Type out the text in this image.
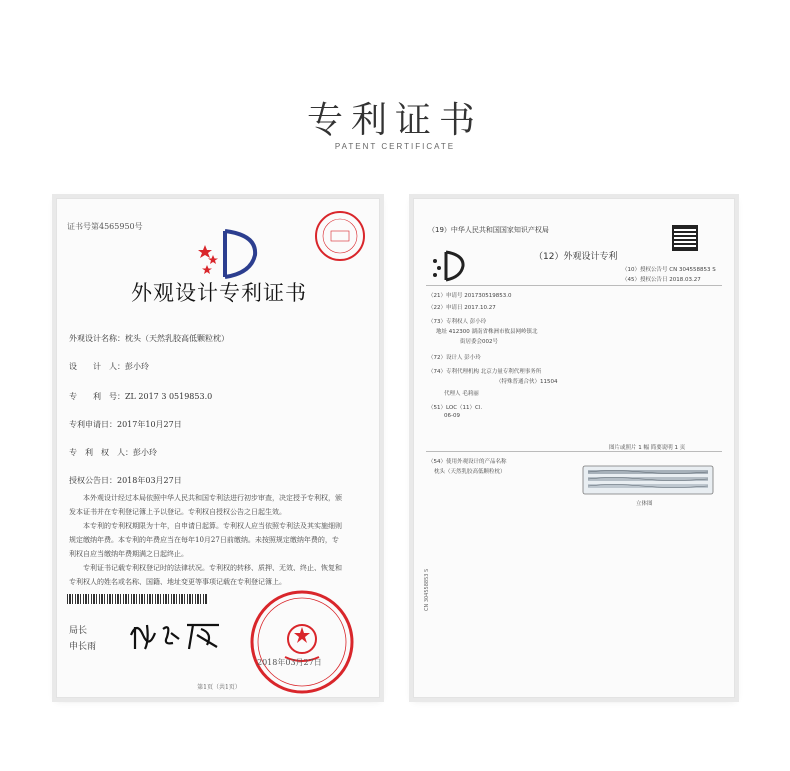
专利证书
PATENT CERTIFICATE
证书号第4565950号
外观设计专利证书
外观设计名称：枕头（天然乳胶高低颗粒枕）
设　　计　人：彭小玲
专　　利　号：ZL 2017 3 0519853.0
专利申请日：2017年10月27日
专　利　权　人：彭小玲
授权公告日：2018年03月27日
　　本外观设计经过本局依照中华人民共和国专利法进行初步审查，决定授予专利权，颁
发本证书并在专利登记簿上予以登记。专利权自授权公告之日起生效。
　　本专利的专利权期限为十年，自申请日起算。专利权人应当依照专利法及其实施细则
规定缴纳年费。本专利的年费应当在每年10月27日前缴纳。未按照规定缴纳年费的，专
利权自应当缴纳年费期满之日起终止。
　　专利证书记载专利权登记时的法律状况。专利权的转移、质押、无效、终止、恢复和
专利权人的姓名或名称、国籍、地址变更等事项记载在专利登记簿上。
局长
申长雨
2018年03月27日
第1页（共1页）
（19）中华人民共和国国家知识产权局
（12）外观设计专利
（10）授权公告号 CN 304558853 S
（45）授权公告日 2018.03.27
（21）申请号 201730519853.0
（22）申请日 2017.10.27
（73）专利权人 彭小玲
地址 412300 湖南省株洲市攸县网岭镇北
街居委会002号
（72）设计人 彭小玲
（74）专利代理机构 北京力量专利代理事务所
（特殊普通合伙）11504
代理人 毛莉丽
（51）LOC（11）Cl.
06-09
图片或照片 1 幅 简要说明 1 页
（54）使用外观设计的产品名称
枕头（天然乳胶高低颗粒枕）
立体图
CN 304558853 S
